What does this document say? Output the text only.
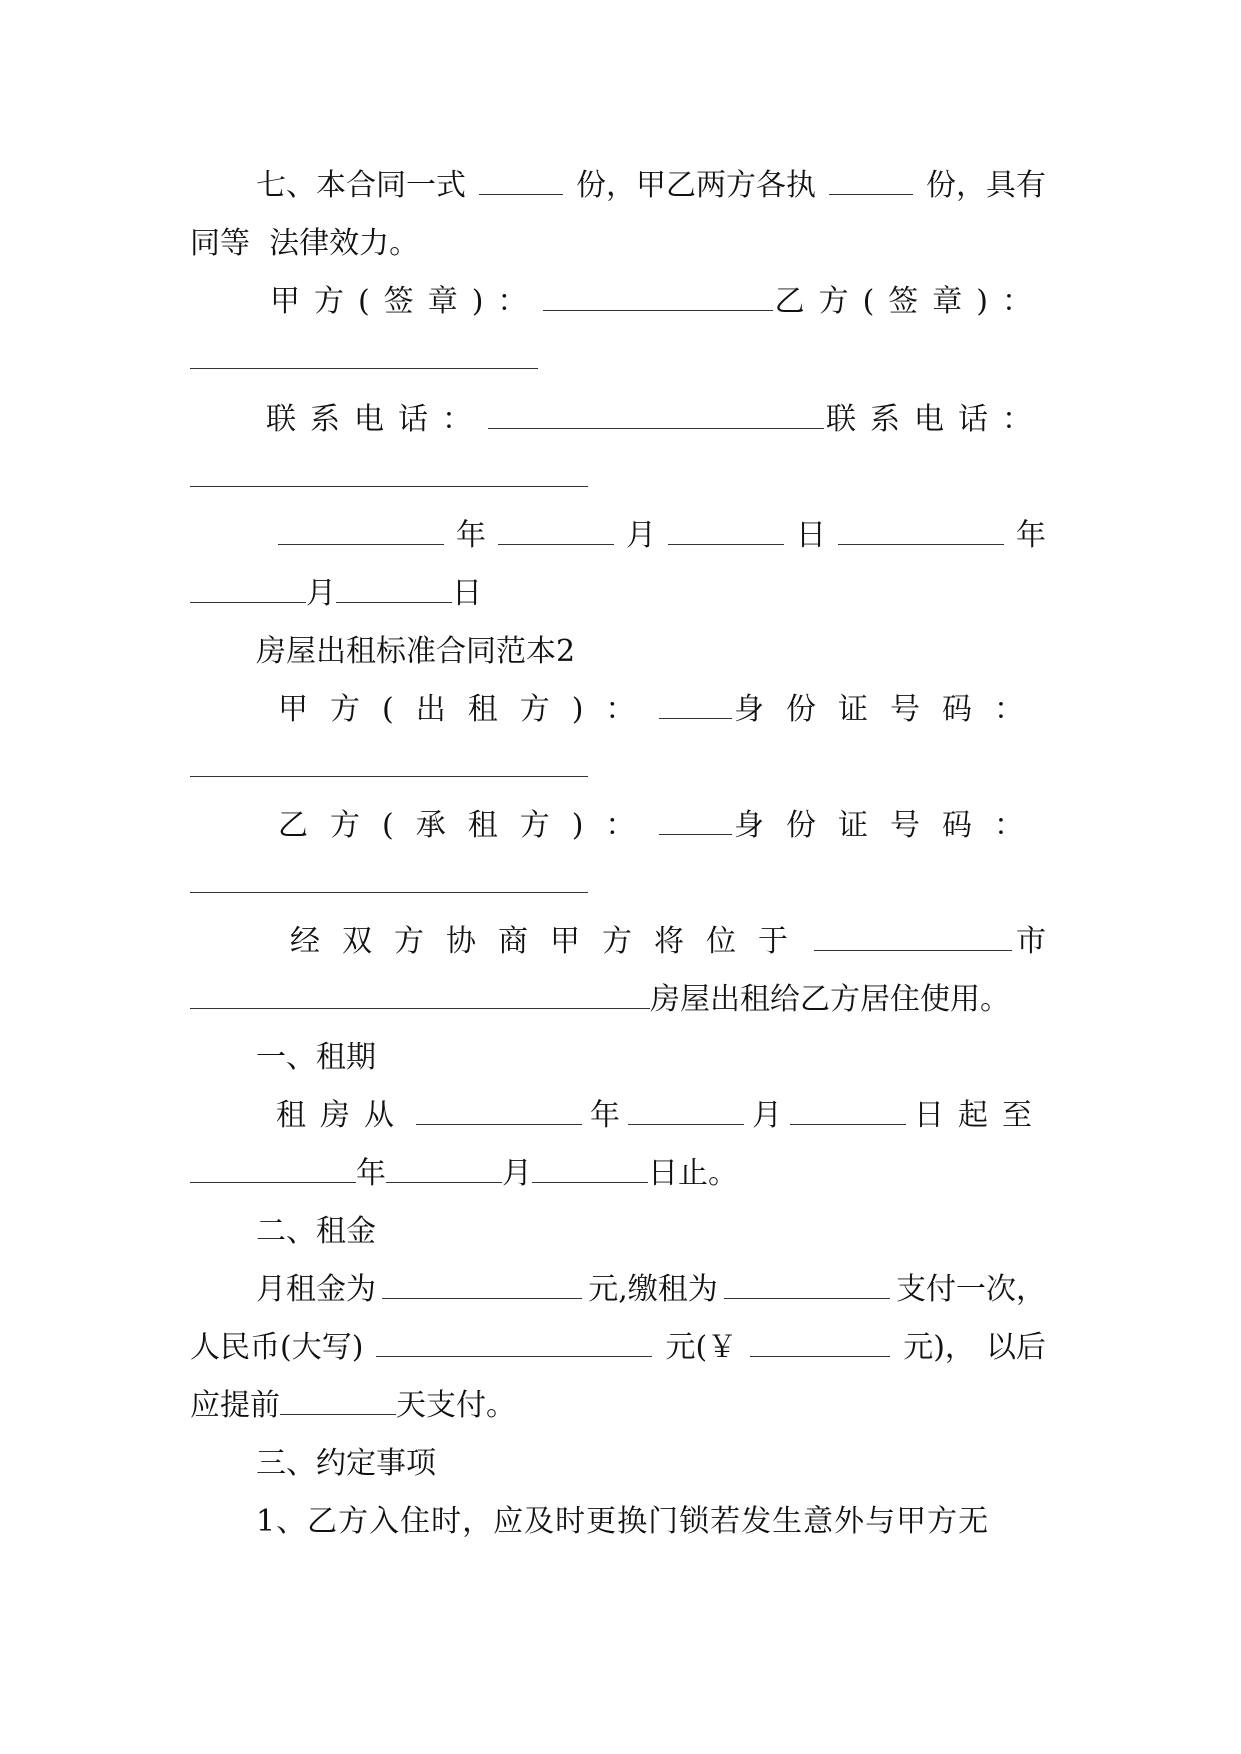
七、本合同一式	份，甲乙两方各执	份，具有
同等  法律效力。
甲方(签章)：	乙方(签章)：
联系电话：	联系电话：
年	月	日	年
月	日
房屋出租标准合同范本2
甲方(出租方)：	身份证号码：
乙方(承租方)：	身份证号码：
经双方协商甲方将位于	市
房屋出租给乙方居住使用。
一、租期
租房从	年	月	日起至
年	月	日止。
二、租金
月租金为	元,缴租为	支付一次，
人民币(大写)	元(￥	元)， 以后
应提前	天支付。
三、约定事项
1、乙方入住时，应及时更换门锁若发生意外与甲方无
